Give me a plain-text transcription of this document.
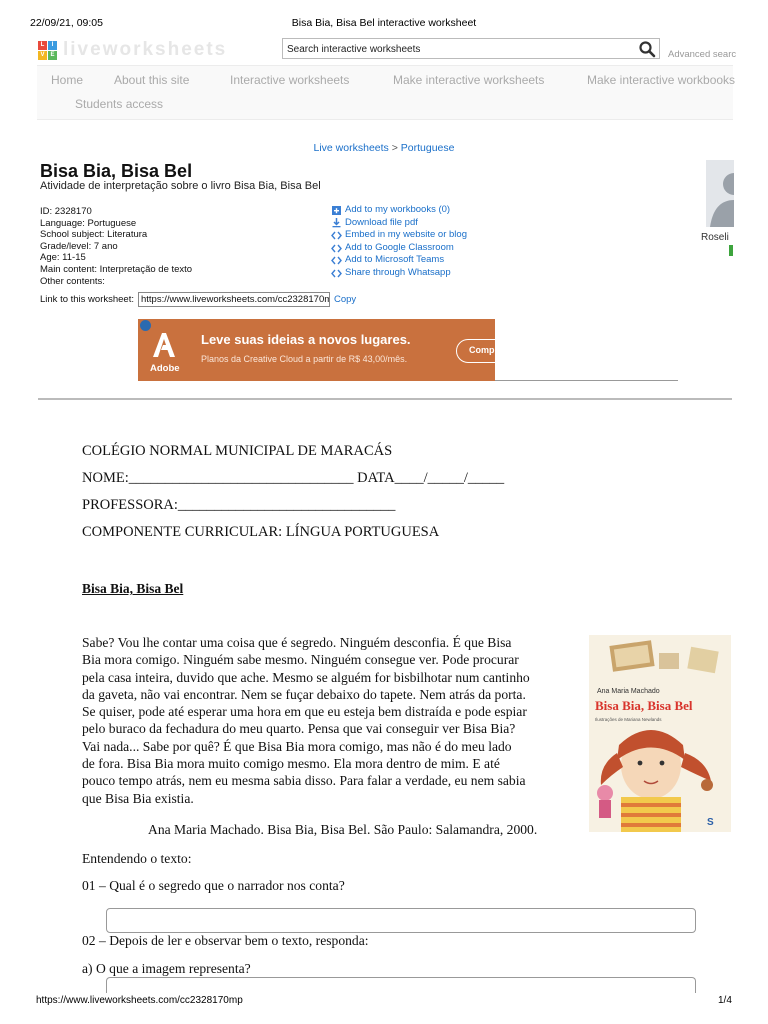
22/09/21, 09:05	Bisa Bia, Bisa Bel interactive worksheet
L	I
V E liveworksheets
Search interactive worksheets	Advanced searc
Home	About this site	Interactive worksheets	Make interactive worksheets	Make interactive workbooks
Students access
Live worksheets > Portuguese
Bisa Bia, Bisa Bel
Atividade de interpretação sobre o livro Bisa Bia, Bisa Bel
ID: 2328170
Language: Portuguese
School subject: Literatura
Grade/level: 7 ano
Age: 11-15
Main content: Interpretação de texto
Other contents:
Add to my workbooks (0)
Download file pdf
Embed in my website or blog
Add to Google Classroom
Add to Microsoft Teams
Share through Whatsapp
Roseli
Link to this worksheet:
https://www.liveworksheets.com/cc2328170mp	Copy
Adobe
Leve suas ideias a novos lugares.
Planos da Creative Cloud a partir de R$ 43,00/mês.
Comp
COLÉGIO NORMAL MUNICIPAL DE MARACÁS
NOME:_______________________________ DATA____/_____/_____
PROFESSORA:______________________________
COMPONENTE CURRICULAR: LÍNGUA PORTUGUESA
Bisa Bia, Bisa Bel
Sabe? Vou lhe contar uma coisa que é segredo. Ninguém desconfia. É que Bisa
Bia mora comigo. Ninguém sabe mesmo. Ninguém consegue ver. Pode procurar
pela casa inteira, duvido que ache. Mesmo se alguém for bisbilhotar num cantinho
da gaveta, não vai encontrar. Nem se fuçar debaixo do tapete. Nem atrás da porta.
Se quiser, pode até esperar uma hora em que eu esteja bem distraída e pode espiar
pelo buraco da fechadura do meu quarto. Pensa que vai conseguir ver Bisa Bia?
Vai nada... Sabe por quê? É que Bisa Bia mora comigo, mas não é do meu lado
de fora. Bisa Bia mora muito comigo mesmo. Ela mora dentro de mim. E até
pouco tempo atrás, nem eu mesma sabia disso. Para falar a verdade, eu nem sabia
que Bisa Bia existia.
Ana Maria Machado
Bisa Bia, Bisa Bel
Ilustrações de Mariana Newlands
S
Ana Maria Machado. Bisa Bia, Bisa Bel. São Paulo: Salamandra, 2000.
Entendendo o texto:
01 – Qual é o segredo que o narrador nos conta?
02 – Depois de ler e observar bem o texto, responda:
a) O que a imagem representa?
https://www.liveworksheets.com/cc2328170mp	1/4
